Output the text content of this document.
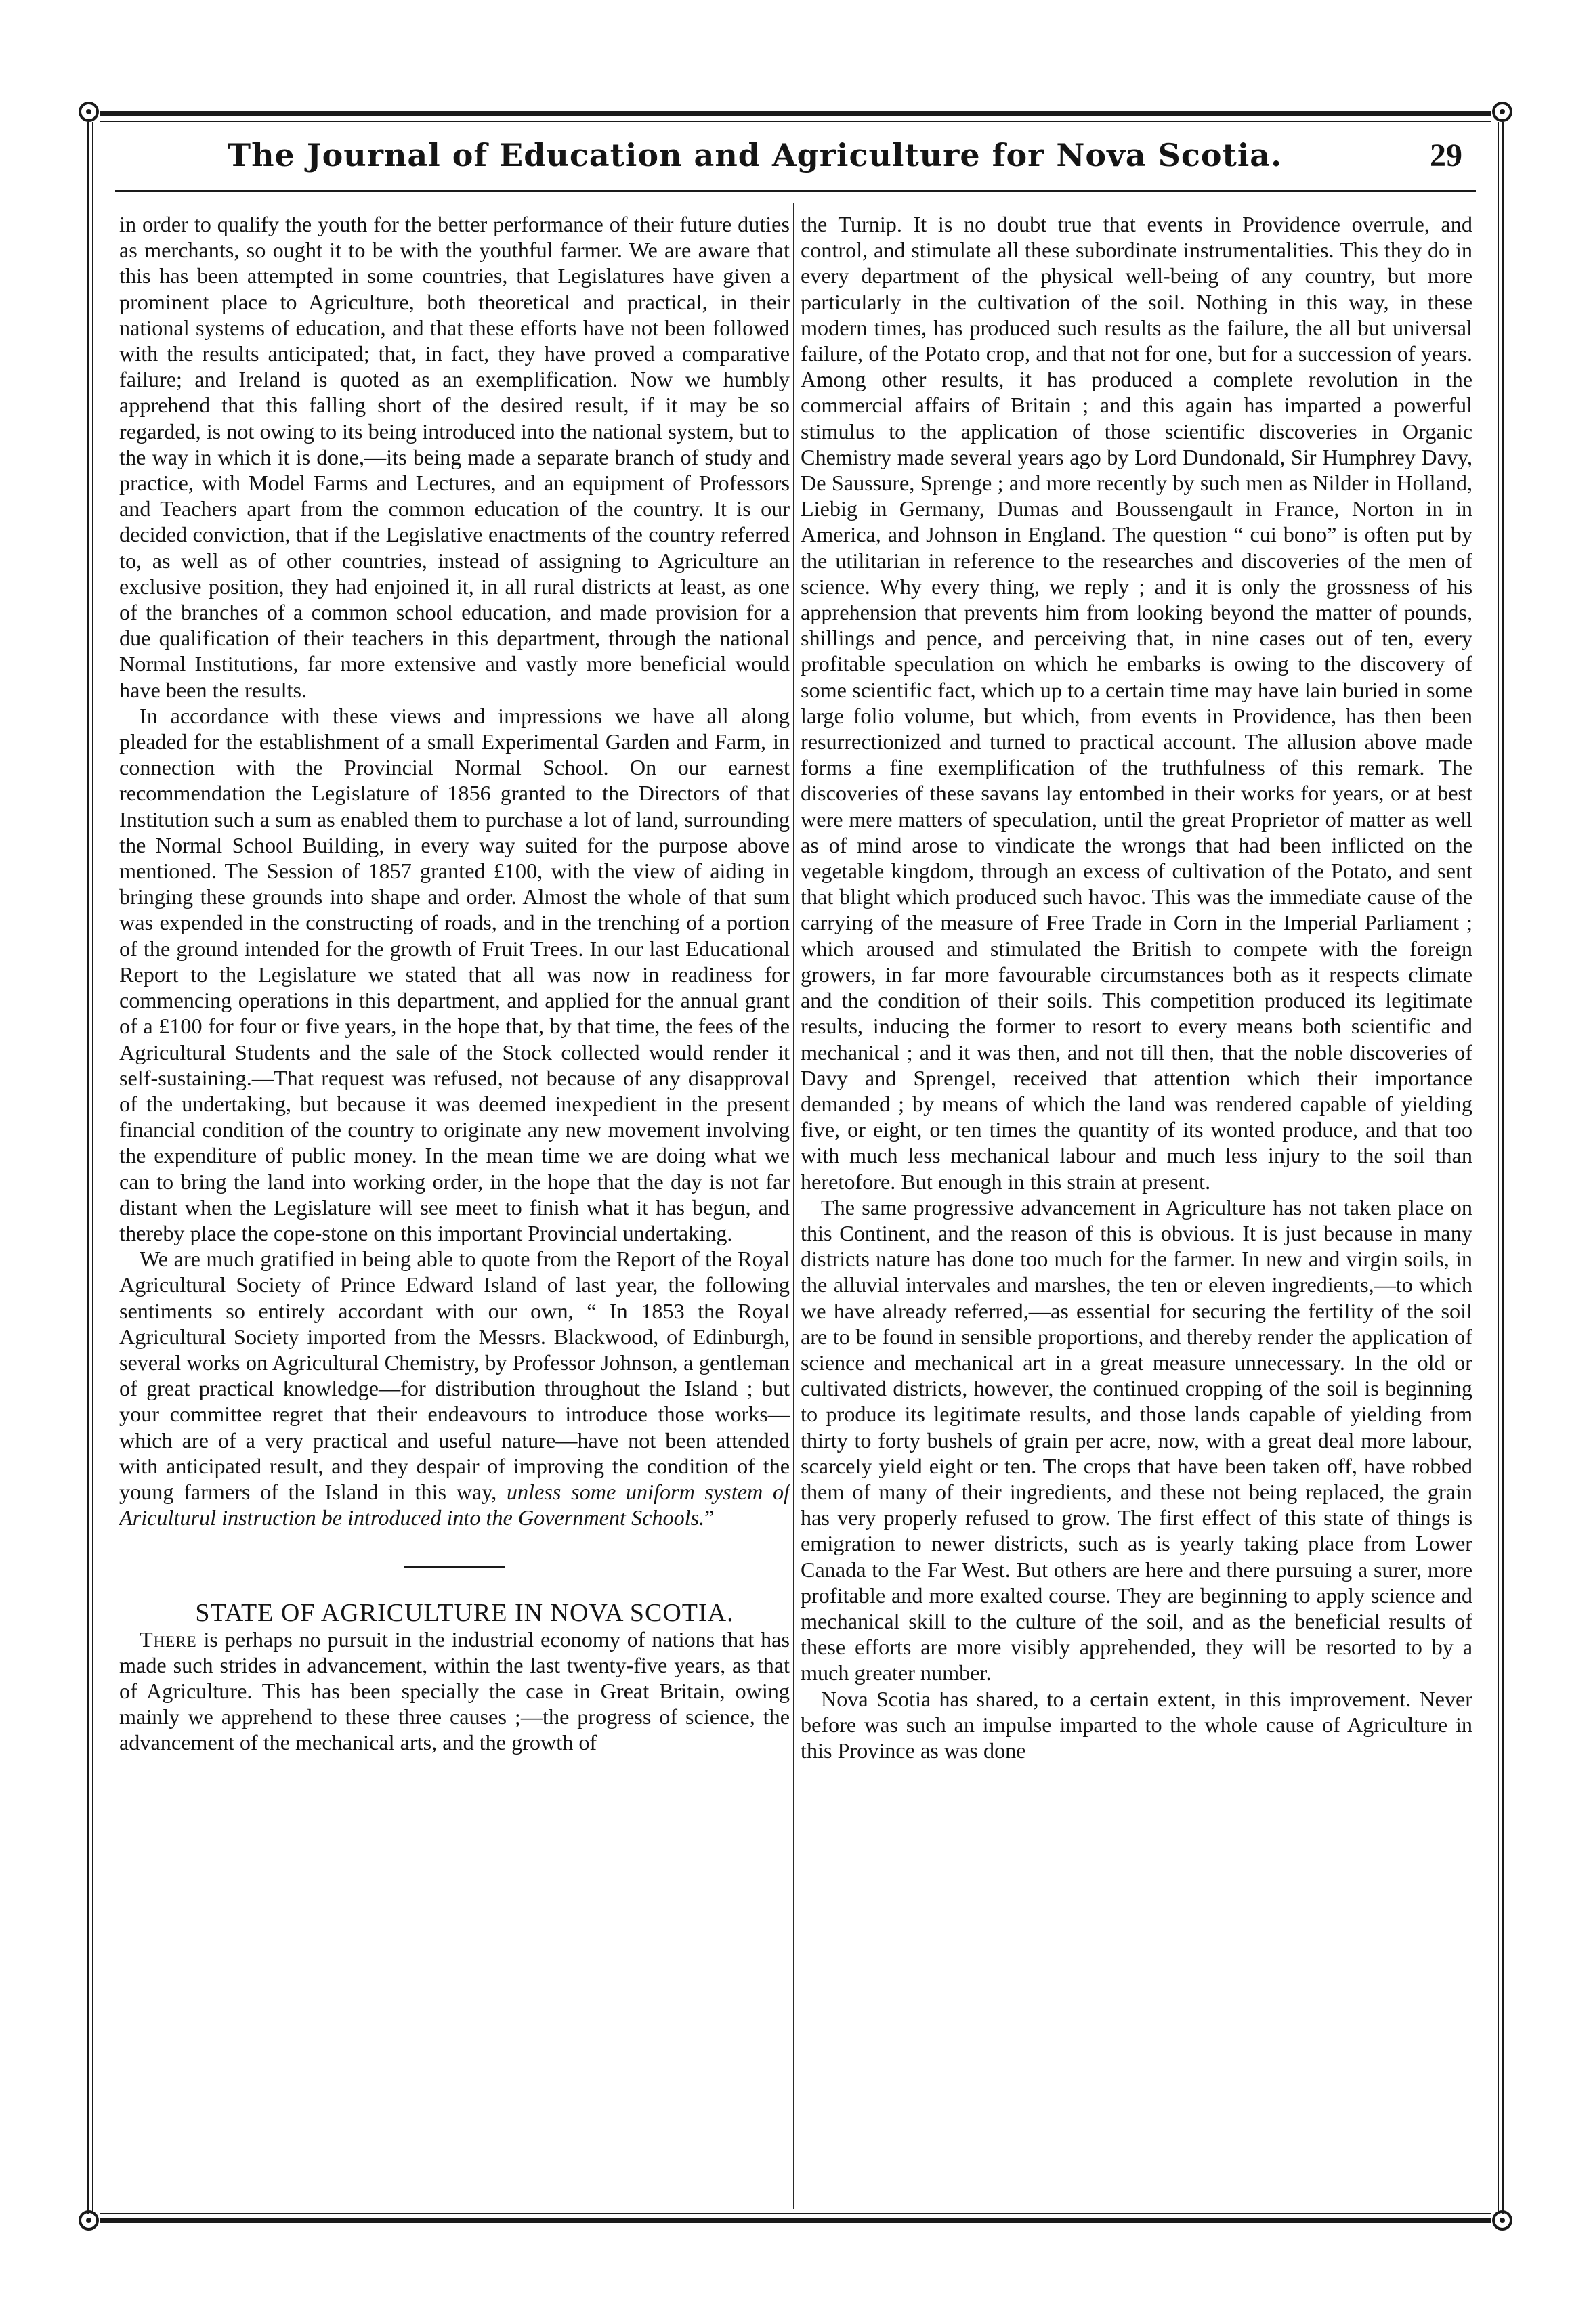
The Journal of Education and Agriculture for Nova Scotia.	29

in order to qualify the youth for the better performance of their future duties as merchants, so ought it to be with the youthful farmer. We are aware that this has been attempted in some countries, that Legislatures have given a prominent place to Agriculture, both theoretical and practical, in their national systems of education, and that these efforts have not been followed with the results anticipated; that, in fact, they have proved a comparative failure; and Ireland is quoted as an exemplification. Now we humbly apprehend that this falling short of the desired result, if it may be so regarded, is not owing to its being introduced into the national system, but to the way in which it is done,—its being made a separate branch of study and practice, with Model Farms and Lectures, and an equipment of Professors and Teachers apart from the common education of the country. It is our decided conviction, that if the Legislative enactments of the country referred to, as well as of other countries, instead of assigning to Agriculture an exclusive position, they had enjoined it, in all rural districts at least, as one of the branches of a common school education, and made provision for a due qualification of their teachers in this department, through the national Normal Institutions, far more extensive and vastly more beneficial would have been the results.

In accordance with these views and impressions we have all along pleaded for the establishment of a small Experimental Garden and Farm, in connection with the Provincial Normal School. On our earnest recommendation the Legislature of 1856 granted to the Directors of that Institution such a sum as enabled them to purchase a lot of land, surrounding the Normal School Building, in every way suited for the purpose above mentioned. The Session of 1857 granted £100, with the view of aiding in bringing these grounds into shape and order. Almost the whole of that sum was expended in the constructing of roads, and in the trenching of a portion of the ground intended for the growth of Fruit Trees. In our last Educational Report to the Legislature we stated that all was now in readiness for commencing operations in this department, and applied for the annual grant of a £100 for four or five years, in the hope that, by that time, the fees of the Agricultural Students and the sale of the Stock collected would render it self-sustaining.—That request was refused, not because of any disapproval of the undertaking, but because it was deemed inexpedient in the present financial condition of the country to originate any new movement involving the expenditure of public money. In the mean time we are doing what we can to bring the land into working order, in the hope that the day is not far distant when the Legislature will see meet to finish what it has begun, and thereby place the cope-stone on this important Provincial undertaking.

We are much gratified in being able to quote from the Report of the Royal Agricultural Society of Prince Edward Island of last year, the following sentiments so entirely accordant with our own, “ In 1853 the Royal Agricultural Society imported from the Messrs. Blackwood, of Edinburgh, several works on Agricultural Chemistry, by Professor Johnson, a gentleman of great practical knowledge—for distribution throughout the Island ; but your committee regret that their endeavours to introduce those works—which are of a very practical and useful nature—have not been attended with anticipated result, and they despair of improving the condition of the young farmers of the Island in this way, unless some uniform system of Ariculturul instruction be introduced into the Government Schools.”

STATE OF AGRICULTURE IN NOVA SCOTIA.

There is perhaps no pursuit in the industrial economy of nations that has made such strides in advancement, within the last twenty-five years, as that of Agriculture. This has been specially the case in Great Britain, owing mainly we apprehend to these three causes ;—the progress of science, the advancement of the mechanical arts, and the growth of

the Turnip. It is no doubt true that events in Providence overrule, and control, and stimulate all these subordinate instrumentalities. This they do in every department of the physical well-being of any country, but more particularly in the cultivation of the soil. Nothing in this way, in these modern times, has produced such results as the failure, the all but universal failure, of the Potato crop, and that not for one, but for a succession of years. Among other results, it has produced a complete revolution in the commercial affairs of Britain ; and this again has imparted a powerful stimulus to the application of those scientific discoveries in Organic Chemistry made several years ago by Lord Dundonald, Sir Humphrey Davy, De Saussure, Sprenge ; and more recently by such men as Nilder in Holland, Liebig in Germany, Dumas and Boussengault in France, Norton in in America, and Johnson in England. The question “ cui bono” is often put by the utilitarian in reference to the researches and discoveries of the men of science. Why every thing, we reply ; and it is only the grossness of his apprehension that prevents him from looking beyond the matter of pounds, shillings and pence, and perceiving that, in nine cases out of ten, every profitable speculation on which he embarks is owing to the discovery of some scientific fact, which up to a certain time may have lain buried in some large folio volume, but which, from events in Providence, has then been resurrectionized and turned to practical account. The allusion above made forms a fine exemplification of the truthfulness of this remark. The discoveries of these savans lay entombed in their works for years, or at best were mere matters of speculation, until the great Proprietor of matter as well as of mind arose to vindicate the wrongs that had been inflicted on the vegetable kingdom, through an excess of cultivation of the Potato, and sent that blight which produced such havoc. This was the immediate cause of the carrying of the measure of Free Trade in Corn in the Imperial Parliament ; which aroused and stimulated the British to compete with the foreign growers, in far more favourable circumstances both as it respects climate and the condition of their soils. This competition produced its legitimate results, inducing the former to resort to every means both scientific and mechanical ; and it was then, and not till then, that the noble discoveries of Davy and Sprengel, received that attention which their importance demanded ; by means of which the land was rendered capable of yielding five, or eight, or ten times the quantity of its wonted produce, and that too with much less mechanical labour and much less injury to the soil than heretofore. But enough in this strain at present.

The same progressive advancement in Agriculture has not taken place on this Continent, and the reason of this is obvious. It is just because in many districts nature has done too much for the farmer. In new and virgin soils, in the alluvial intervales and marshes, the ten or eleven ingredients,—to which we have already referred,—as essential for securing the fertility of the soil are to be found in sensible proportions, and thereby render the application of science and mechanical art in a great measure unnecessary. In the old or cultivated districts, however, the continued cropping of the soil is beginning to produce its legitimate results, and those lands capable of yielding from thirty to forty bushels of grain per acre, now, with a great deal more labour, scarcely yield eight or ten. The crops that have been taken off, have robbed them of many of their ingredients, and these not being replaced, the grain has very properly refused to grow. The first effect of this state of things is emigration to newer districts, such as is yearly taking place from Lower Canada to the Far West. But others are here and there pursuing a surer, more profitable and more exalted course. They are beginning to apply science and mechanical skill to the culture of the soil, and as the beneficial results of these efforts are more visibly apprehended, they will be resorted to by a much greater number.

Nova Scotia has shared, to a certain extent, in this improvement. Never before was such an impulse imparted to the whole cause of Agriculture in this Province as was done
